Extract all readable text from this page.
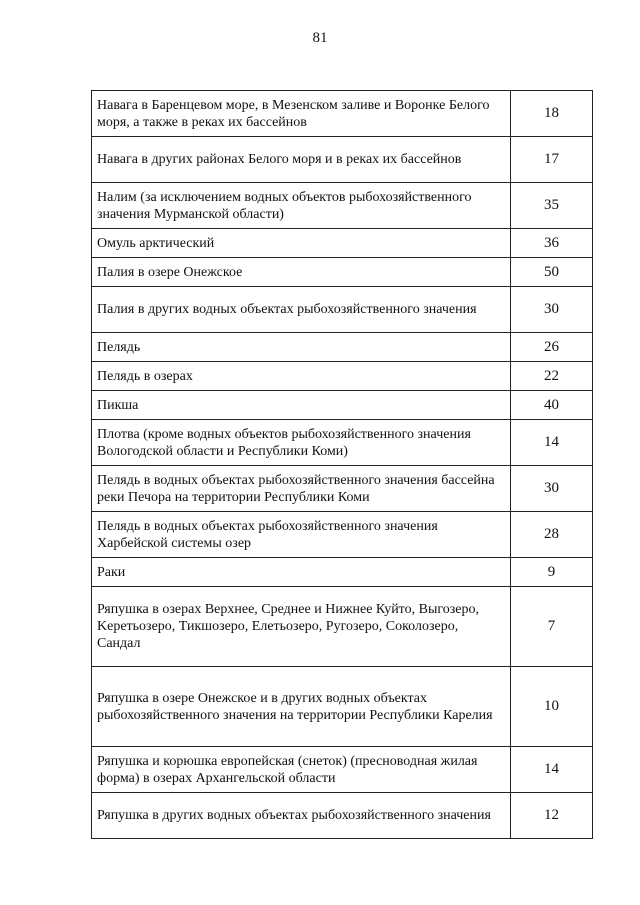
81
Навага в Баренцевом море, в Мезенском заливе и Воронке Белого моря, а также в реках их бассейнов	18
Навага в других районах Белого моря и в реках их бассейнов	17
Налим (за исключением водных объектов рыбохозяйственного значения Мурманской области)	35
Омуль арктический	36
Палия в озере Онежское	50
Палия в других водных объектах рыбохозяйственного значения	30
Пелядь	26
Пелядь в озерах	22
Пикша	40
Плотва (кроме водных объектов рыбохозяйственного значения Вологодской области и Республики Коми)	14
Пелядь в водных объектах рыбохозяйственного значения бассейна реки Печора на территории Республики Коми	30
Пелядь в водных объектах рыбохозяйственного значения Харбейской системы озер	28
Раки	9
Ряпушка в озерах Верхнее, Среднее и Нижнее Куйто, Выгозеро, Keретьозеро, Тикшозеро, Елетьозеро, Ругозеро, Соколозеро, Сандал	7
Ряпушка в озере Онежское и в других водных объектах рыбохозяйственного значения на территории Республики Карелия	10
Ряпушка и корюшка европейская (снеток) (пресноводная жилая форма) в озерах Архангельской области	14
Ряпушка в других водных объектах рыбохозяйственного значения	12
